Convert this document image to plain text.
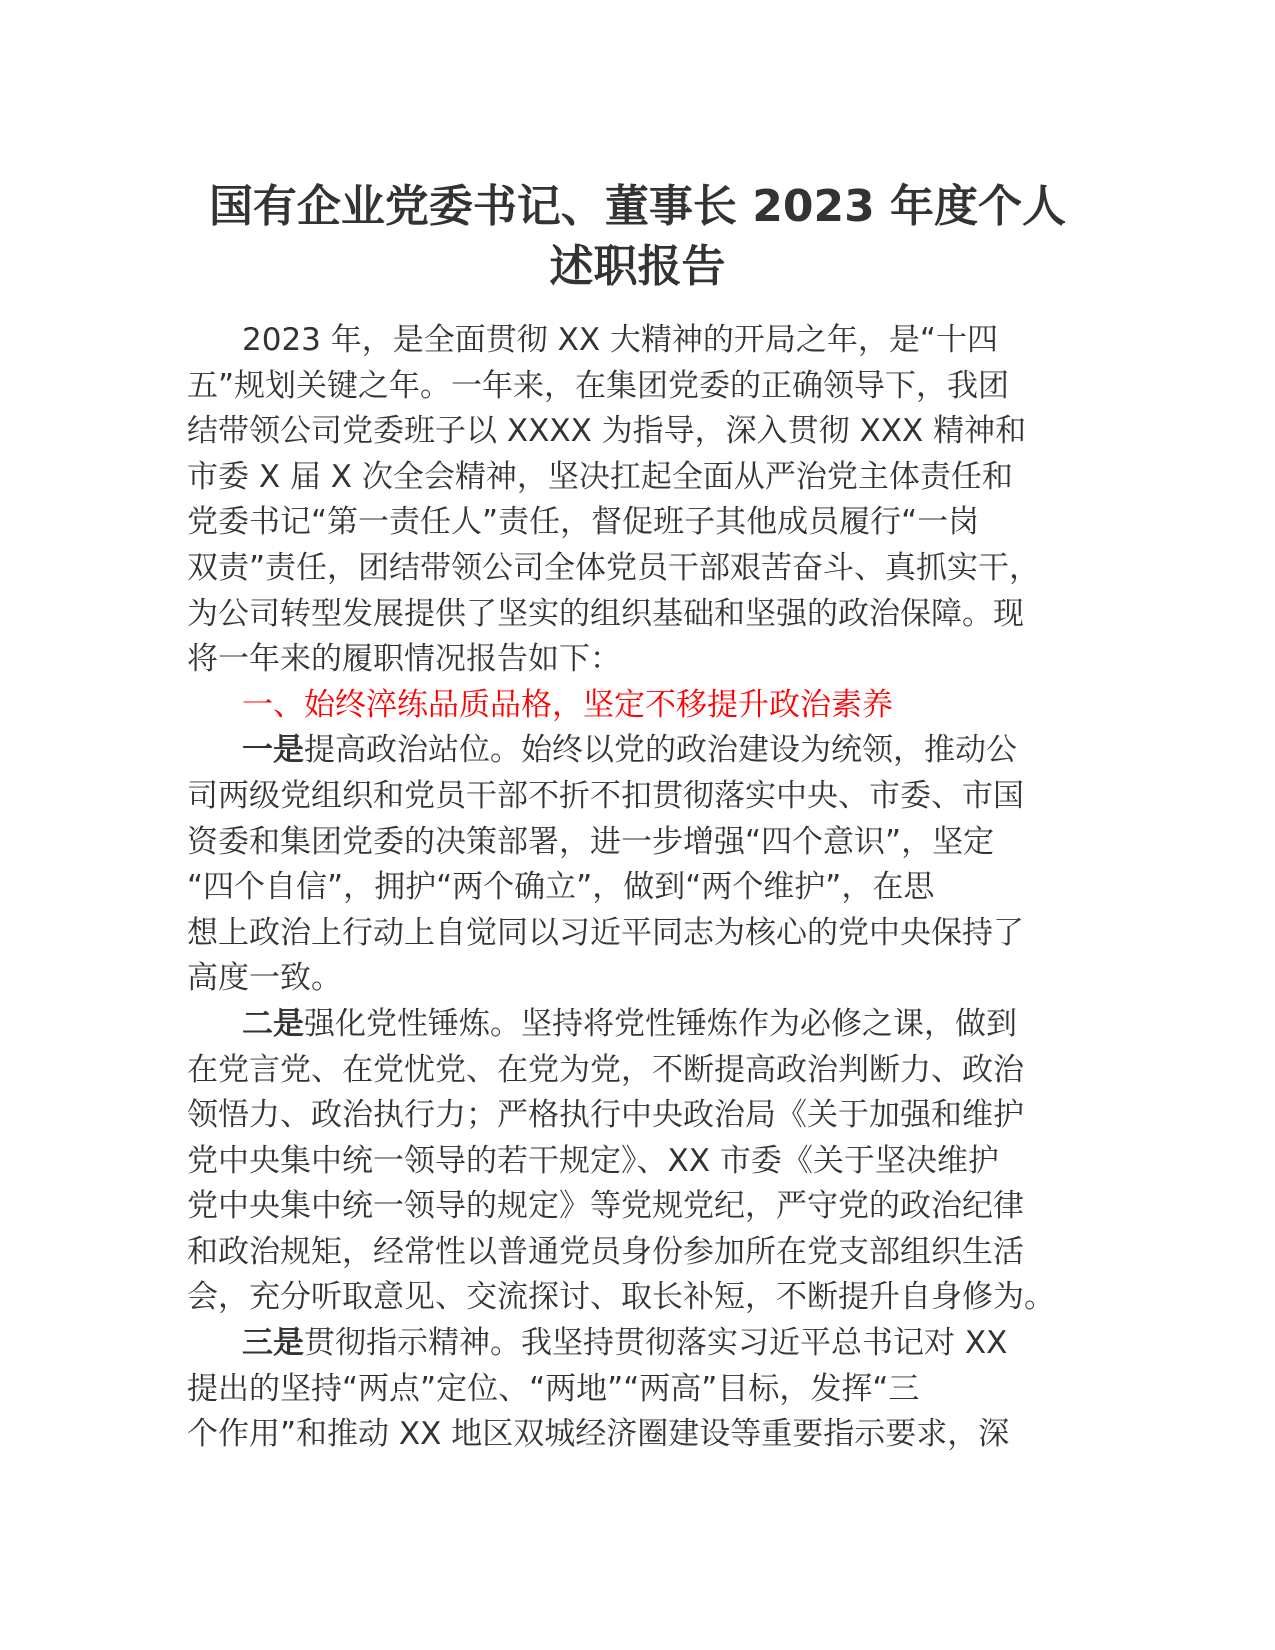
国有企业党委书记、董事长 2023 年度个人
述职报告
2023 年，是全面贯彻 XX 大精神的开局之年，是“十四
五”规划关键之年。一年来，在集团党委的正确领导下，我团
结带领公司党委班子以 XXXX 为指导，深入贯彻 XXX 精神和
市委 X 届 X 次全会精神，坚决扛起全面从严治党主体责任和
党委书记“第一责任人”责任，督促班子其他成员履行“一岗
双责”责任，团结带领公司全体党员干部艰苦奋斗、真抓实干，
为公司转型发展提供了坚实的组织基础和坚强的政治保障。现
将一年来的履职情况报告如下：
一、始终淬练品质品格，坚定不移提升政治素养
一是提高政治站位。始终以党的政治建设为统领，推动公
司两级党组织和党员干部不折不扣贯彻落实中央、市委、市国
资委和集团党委的决策部署，进一步增强“四个意识”，坚定
“四个自信”，拥护“两个确立”，做到“两个维护”，在思
想上政治上行动上自觉同以习近平同志为核心的党中央保持了
高度一致。
二是强化党性锤炼。坚持将党性锤炼作为必修之课，做到
在党言党、在党忧党、在党为党，不断提高政治判断力、政治
领悟力、政治执行力；严格执行中央政治局《关于加强和维护
党中央集中统一领导的若干规定》、XX 市委《关于坚决维护
党中央集中统一领导的规定》等党规党纪，严守党的政治纪律
和政治规矩，经常性以普通党员身份参加所在党支部组织生活
会，充分听取意见、交流探讨、取长补短，不断提升自身修为。
三是贯彻指示精神。我坚持贯彻落实习近平总书记对 XX
提出的坚持“两点”定位、“两地”“两高”目标，发挥“三
个作用”和推动 XX 地区双城经济圈建设等重要指示要求，深
